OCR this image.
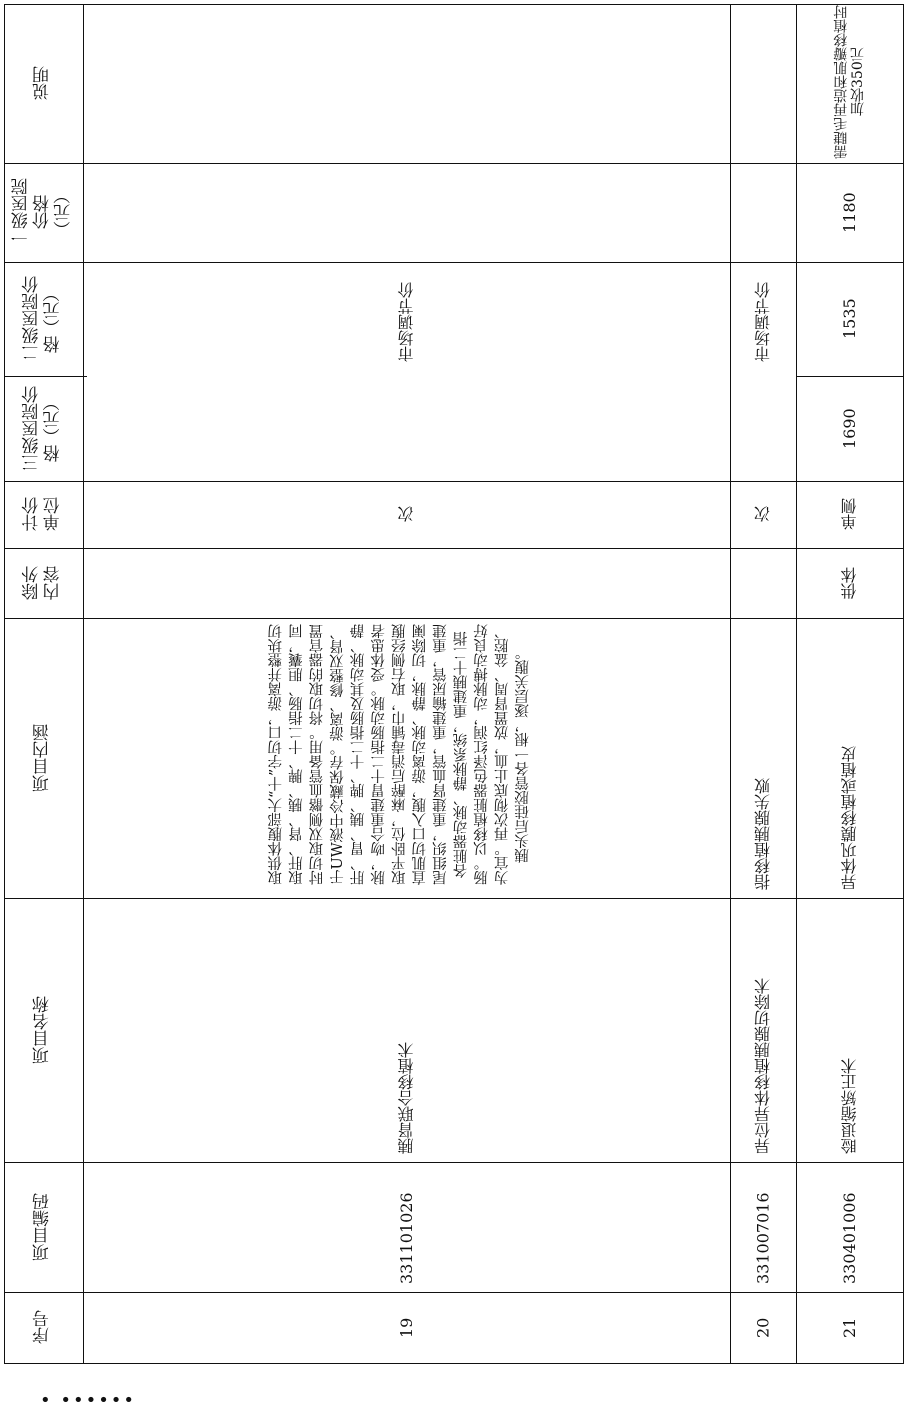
说明
一级医院
价格
（元）
二级医院价
格（元）
三级医院价
格（元）
计价
单位
除外
内容
项目内涵
项目名称
项目编码
序号
市场调节价
次
取供体腹部大“十”字切口，游离并整块切取肝、肾、胰、脾、十二指肠、胆囊，同时切取双侧髂血管备用。将切取的器官置于UW液中冷藏保存。游离、修整双肾、肝、胃、胰、脾、十二指肠及其动脉、静脉，吻合重建胃十二指肠动脉。受体患者取平卧位，麻醉后消毒铺巾，取右侧经腹直肌切口入腹，游离动脉、静脉，切除阑尾组织，重建肾血管，重建输尿管，重建各脏器动脉、静脉系统，重建胰十二指肠。以移植脏器色泽红润，动脉搏动良好为宜。再次彻底止血，放置肾周、盆腔、胰头后硅胶管各一根，逐层关腹。
胰肾联合移植术
331101026
19
市场调节价
次
指移植胰腺失败
异位异体移植胰腺切除术
331007016
20
需睫毛再造和肌瓣移植时加收350元
1180
1535
1690
单侧
供体
异体巩膜移植或植皮
睑退缩矫正术
330401006
21
• ••••••
